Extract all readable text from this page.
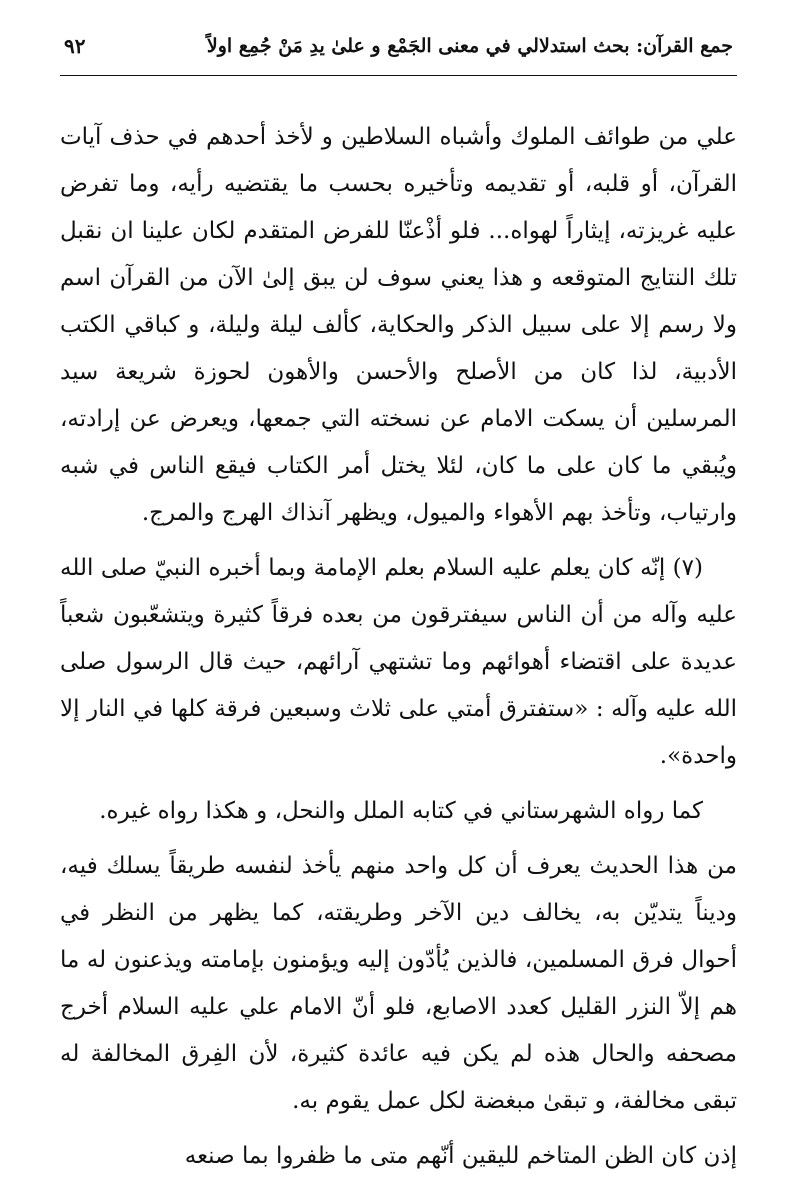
جمع القرآن: بحث استدلالي في معنى الجَمْع و علىٰ يدِ مَنْ جُمِع اولاً
٩٢

علي من طوائف الملوك وأشباه السلاطين و لأخذ أحدهم في حذف آيات القرآن، أو قلبه، أو تقديمه وتأخيره بحسب ما يقتضيه رأيه، وما تفرض عليه غريزته، إيثاراً لهواه... فلو أذْعنّا للفرض المتقدم لكان علينا ان نقبل تلك النتايج المتوقعه و هذا يعني سوف لن يبق إلىٰ الآن من القرآن اسم ولا رسم إلا على سبيل الذكر والحكاية، كألف ليلة وليلة، و كباقي الكتب الأدبية، لذا كان من الأصلح والأحسن والأهون لحوزة شريعة سيد المرسلين أن يسكت الامام عن نسخته التي جمعها، ويعرض عن إرادته، ويُبقي ما كان على ما كان، لئلا يختل أمر الكتاب فيقع الناس في شبه وارتياب، وتأخذ بهم الأهواء والميول، ويظهر آنذاك الهرج والمرج.

(٧) إنّه كان يعلم عليه السلام بعلم الإمامة وبما أخبره النبيّ صلى الله عليه وآله من أن الناس سيفترقون من بعده فرقاً كثيرة ويتشعّبون شعباً عديدة على اقتضاء أهوائهم وما تشتهي آرائهم، حيث قال الرسول صلى الله عليه وآله : «ستفترق أمتي على ثلاث وسبعين فرقة كلها في النار إلا واحدة».

كما رواه الشهرستاني في كتابه الملل والنحل، و هكذا رواه غيره.

من هذا الحديث يعرف أن كل واحد منهم يأخذ لنفسه طريقاً يسلك فيه، وديناً يتديّن به، يخالف دين الآخر وطريقته، كما يظهر من النظر في أحوال فرق المسلمين، فالذين يُأدّون إليه ويؤمنون بإمامته ويذعنون له ما هم إلاّ النزر القليل كعدد الاصابع، فلو أنّ الامام علي عليه السلام أخرج مصحفه والحال هذه لم يكن فيه عائدة كثيرة، لأن الفِرق المخالفة له تبقى مخالفة، و تبقىٰ مبغضة لكل عمل يقوم به.

إذن كان الظن المتاخم لليقين أنّهم متى ما ظفروا بما صنعه
